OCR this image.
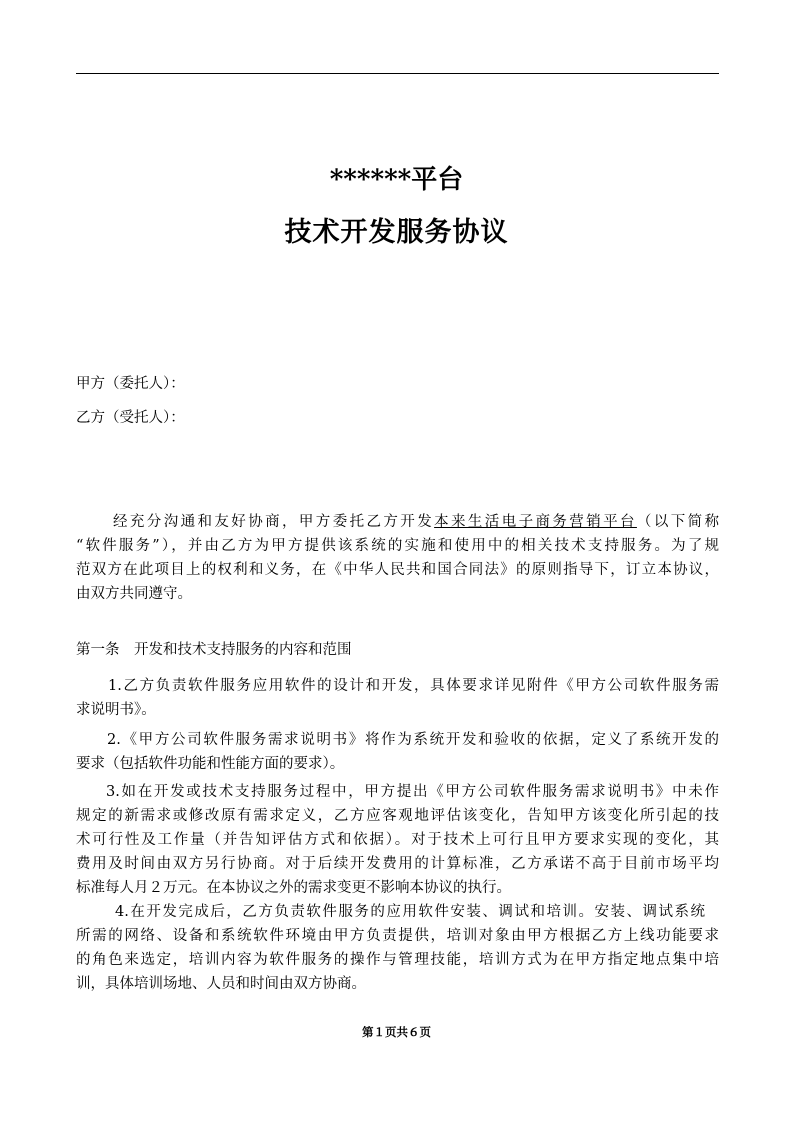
******平台
技术开发服务协议
甲方（委托人）：
乙方（受托人）：
经充分沟通和友好协商，甲方委托乙方开发本来生活电子商务营销平台（以下简称
“软件服务”），并由乙方为甲方提供该系统的实施和使用中的相关技术支持服务。为了规
范双方在此项目上的权利和义务，在《中华人民共和国合同法》的原则指导下，订立本协议，
由双方共同遵守。
第一条　开发和技术支持服务的内容和范围
1.乙方负责软件服务应用软件的设计和开发，具体要求详见附件《甲方公司软件服务需
求说明书》。
2.《甲方公司软件服务需求说明书》将作为系统开发和验收的依据，定义了系统开发的
要求（包括软件功能和性能方面的要求）。
3.如在开发或技术支持服务过程中，甲方提出《甲方公司软件服务需求说明书》中未作
规定的新需求或修改原有需求定义，乙方应客观地评估该变化，告知甲方该变化所引起的技
术可行性及工作量（并告知评估方式和依据）。对于技术上可行且甲方要求实现的变化，其
费用及时间由双方另行协商。对于后续开发费用的计算标准，乙方承诺不高于目前市场平均
标准每人月２万元。在本协议之外的需求变更不影响本协议的执行。
4.在开发完成后，乙方负责软件服务的应用软件安装、调试和培训。安装、调试系统
所需的网络、设备和系统软件环境由甲方负责提供，培训对象由甲方根据乙方上线功能要求
的角色来选定，培训内容为软件服务的操作与管理技能，培训方式为在甲方指定地点集中培
训，具体培训场地、人员和时间由双方协商。
第１页共６页
